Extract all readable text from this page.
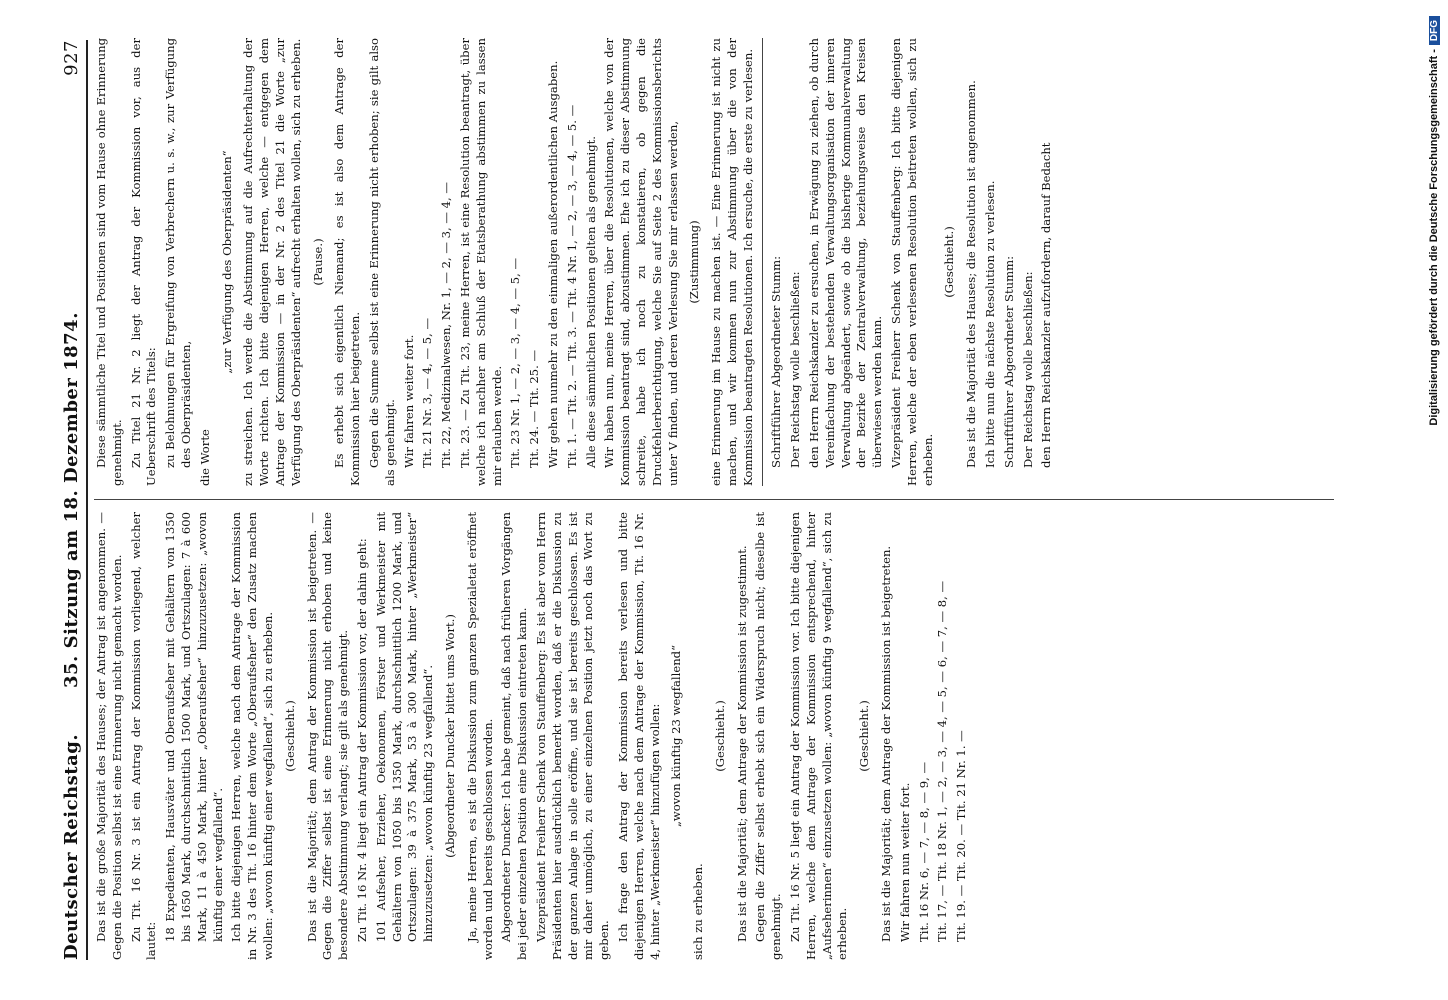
Deutscher Reichstag.
35. Sitzung am 18. Dezember 1874.
927

Das ist die große Majorität des Hauses; der Antrag ist angenommen. — Gegen die Position selbst ist eine Erinnerung nicht gemacht worden. Zu Tit. 16 Nr. 3 ist ein Antrag der Kommission vorliegend, welcher lautet: 18 Expedienten, Hausväter und Oberaufseher mit Gehältern von 1350 bis 1650 Mark, durchschnittlich 1500 Mark, und Ortszulagen: 7 à 600 Mark, 11 à 450 Mark, hinter „Oberaufseher“ hinzuzusetzen: „wovon künftig einer wegfallend“. Ich bitte diejenigen Herren, welche nach dem Antrage der Kommission in Nr. 3 des Tit. 16 hinter dem Worte „Oberaufseher“ den Zusatz machen wollen: „wovon künftig einer wegfallend“, sich zu erheben. (Geschieht.) Das ist die Majorität; dem Antrag der Kommission ist beigetreten. — Gegen die Ziffer selbst ist eine Erinnerung nicht erhoben und keine besondere Abstimmung verlangt; sie gilt als genehmigt. Zu Tit. 16 Nr. 4 liegt ein Antrag der Kommission vor, der dahin geht: 101 Aufseher, Erzieher, Oekonomen, Förster und Werkmeister mit Gehältern von 1050 bis 1350 Mark, durchschnittlich 1200 Mark, und Ortszulagen: 39 à 375 Mark, 53 à 300 Mark, hinter „Werkmeister“ hinzuzusetzen: „wovon künftig 23 wegfallend“. (Abgeordneter Duncker bittet ums Wort.) Ja, meine Herren, es ist die Diskussion zum ganzen Spezialetat eröffnet worden und bereits geschlossen worden. Abgeordneter Duncker: Ich habe gemeint, daß nach früheren Vorgängen bei jeder einzelnen Position eine Diskussion eintreten kann. Vizepräsident Freiherr Schenk von Stauffenberg: Es ist aber vom Herrn Präsidenten hier ausdrücklich bemerkt worden, daß er die Diskussion zu der ganzen Anlage in solle eröffne, und sie ist bereits geschlossen. Es ist mir daher unmöglich, zu einer einzelnen Position jetzt noch das Wort zu geben. Ich frage den Antrag der Kommission bereits verlesen und bitte diejenigen Herren, welche nach dem Antrage der Kommission, Tit. 16 Nr. 4, hinter „Werkmeister“ hinzufügen wollen: „wovon künftig 23 wegfallend“

sich zu erheben.

(Geschieht.) Das ist die Majorität; dem Antrage der Kommission ist zugestimmt. Gegen die Ziffer selbst erhebt sich ein Widerspruch nicht; dieselbe ist genehmigt. Zu Tit. 16 Nr. 5 liegt ein Antrag der Kommission vor. Ich bitte diejenigen Herren, welche dem Antrage der Kommission entsprechend, hinter „Aufseherinnen“ einzusetzen wollen: „wovon künftig 9 wegfallend“, sich zu erheben.

(Geschieht.) Das ist die Majorität; dem Antrage der Kommission ist beigetreten. Wir fahren nun weiter fort. Tit. 16 Nr. 6, — 7, — 8, — 9, — Tit. 17, — Tit. 18 Nr. 1, — 2, — 3, — 4, — 5, — 6, — 7, — 8, — Tit. 19. — Tit. 20. — Tit. 21 Nr. 1. —

Diese sämmtliche Titel und Positionen sind vom Hause ohne Erinnerung genehmigt. Zu Titel 21 Nr. 2 liegt der Antrag der Kommission vor, aus der Ueberschrift des Titels: zu Belohnungen für Ergreifung von Verbrechern u. s. w., zur Verfügung des Oberpräsidenten, die Worte

„zur Verfügung des Oberpräsidenten“ zu streichen. Ich werde die Abstimmung auf die Aufrechterhaltung der Worte richten. Ich bitte diejenigen Herren, welche — entgegen dem Antrage der Kommission — in der Nr. 2 des Titel 21 die Worte „zur Verfügung des Oberpräsidenten“ aufrecht erhalten wollen, sich zu erheben. (Pause.) Es erhebt sich eigentlich Niemand; es ist also dem Antrage der Kommission hier beigetreten. Gegen die Summe selbst ist eine Erinnerung nicht erhoben; sie gilt also als genehmigt. Wir fahren weiter fort. Tit. 21 Nr. 3, — 4, — 5, — Tit. 22, Medizinalwesen, Nr. 1, — 2, — 3, — 4, — Tit. 23. — Zu Tit. 23, meine Herren, ist eine Resolution beantragt, über welche ich nachher am Schluß der Etatsberathung abstimmen zu lassen mir erlauben werde. Tit. 23 Nr. 1, — 2, — 3, — 4, — 5, — Tit. 24. — Tit. 25. — Wir gehen nunmehr zu den einmaligen außerordentlichen Ausgaben. Tit. 1. — Tit. 2. — Tit. 3. — Tit. 4 Nr. 1, — 2, — 3, — 4, — 5. — Alle diese sämmtlichen Positionen gelten als genehmigt. Wir haben nun, meine Herren, über die Resolutionen, welche von der Kommission beantragt sind, abzustimmen. Ehe ich zu dieser Abstimmung schreite, habe ich noch zu konstatieren, ob gegen die Druckfehlerberichtigung, welche Sie auf Seite 2 des Kommissionsberichts unter V finden, und deren Verlesung Sie mir erlassen werden, (Zustimmung) eine Erinnerung im Hause zu machen ist. — Eine Erinnerung ist nicht zu machen, und wir kommen nun zur Abstimmung über die von der Kommission beantragten Resolutionen. Ich ersuche, die erste zu verlesen. Schriftführer Abgeordneter Stumm: Der Reichstag wolle beschließen: den Herrn Reichskanzler zu ersuchen, in Erwägung zu ziehen, ob durch Vereinfachung der bestehenden Verwaltungsorganisation der inneren Verwaltung abgeändert, sowie ob die bisherige Kommunalverwaltung der Bezirke der Zentralverwaltung, beziehungsweise den Kreisen überwiesen werden kann. Vizepräsident Freiherr Schenk von Stauffenberg: Ich bitte diejenigen Herren, welche der eben verlesenen Resolution beitreten wollen, sich zu erheben.

(Geschieht.) Das ist die Majorität des Hauses; die Resolution ist angenommen. Ich bitte nun die nächste Resolution zu verlesen. Schriftführer Abgeordneter Stumm: Der Reichstag wolle beschließen: den Herrn Reichskanzler aufzufordern, darauf Bedacht	Digitalisierung gefördert durch die Deutsche Forschungsgemeinschaft -DFG
